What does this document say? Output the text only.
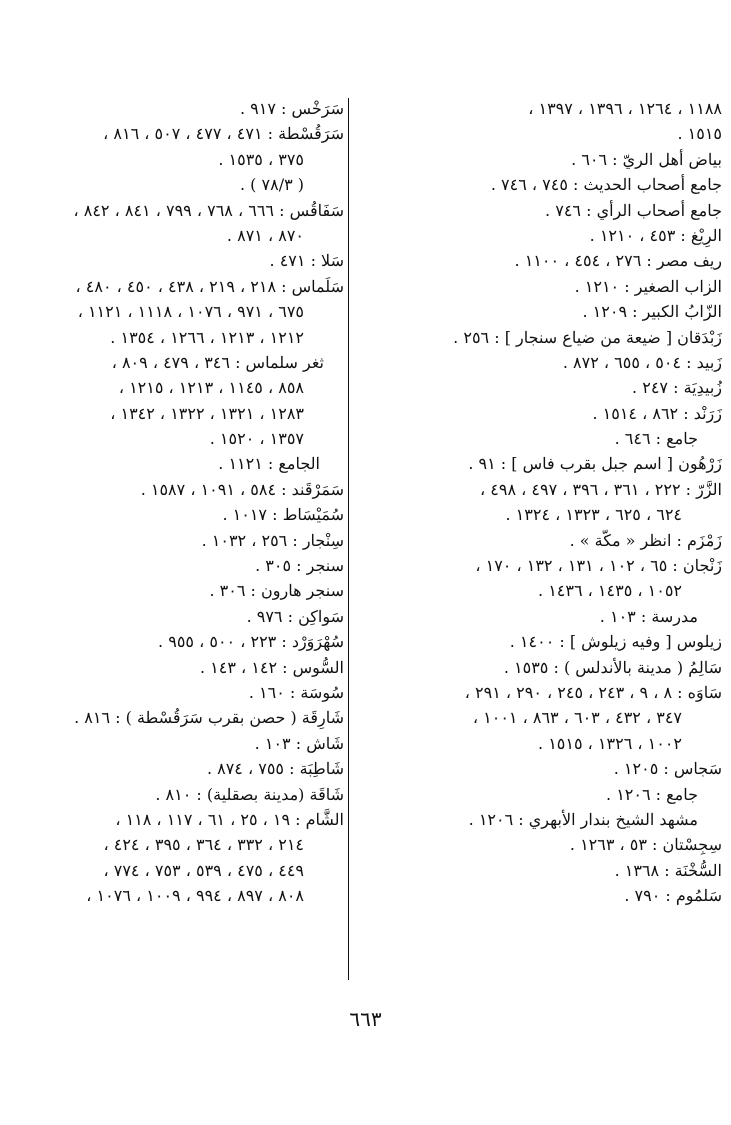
١١٨٨ ، ١٢٦٤ ، ١٣٩٦ ، ١٣٩٧ ،
١٥١٥ .
بياض أهل الريّ : ٦٠٦ .
جامع أصحاب الحديث : ٧٤٥ ، ٧٤٦ .
جامع أصحاب الرأي : ٧٤٦ .
الرِيْغ : ٤٥٣ ، ١٢١٠ .
ريف مصر : ٢٧٦ ، ٤٥٤ ، ١١٠٠ .
الزاب الصغير : ١٢١٠ .
الزّابُ الكبير : ١٢٠٩ .
زَبْدَقان [ ضيعة من ضياع سنجار ] : ٢٥٦ .
زَبيد : ٥٠٤ ، ٦٥٥ ، ٨٧٢ .
زُبيدِيَة : ٢٤٧ .
زَرَنْد : ٨٦٢ ، ١٥١٤ .
جامع : ٦٤٦ .
زَرْهُون [ اسم جبل بقرب فاس ] : ٩١ .
الزَّرّ : ٢٢٢ ، ٣٦١ ، ٣٩٦ ، ٤٩٧ ، ٤٩٨ ،
٦٢٤ ، ٦٢٥ ، ١٣٢٣ ، ١٣٢٤ .
زَمْزَم : انظر « مكّة » .
زَنْجان : ٦٥ ، ١٠٢ ، ١٣١ ، ١٣٢ ، ١٧٠ ،
١٠٥٢ ، ١٤٣٥ ، ١٤٣٦ .
مدرسة : ١٠٣ .
زيلوس [ وفيه زيلوش ] : ١٤٠٠ .
سَالِمُ ( مدينة بالأندلس ) : ١٥٣٥ .
سَاوَه : ٨ ، ٩ ، ٢٤٣ ، ٢٤٥ ، ٢٩٠ ، ٢٩١ ،
٣٤٧ ، ٤٣٢ ، ٦٠٣ ، ٨٦٣ ، ١٠٠١ ،
١٠٠٢ ، ١٣٢٦ ، ١٥١٥ .
سَجاس : ١٢٠٥ .
جامع : ١٢٠٦ .
مشهد الشيخ بندار الأبهري : ١٢٠٦ .
سِجِسْتان : ٥٣ ، ١٢٦٣ .
السُّخْنَة : ١٣٦٨ .
سَلمُوم : ٧٩٠ .
سَرَخْس : ٩١٧ .
سَرَقُسْطة : ٤٧١ ، ٤٧٧ ، ٥٠٧ ، ٨١٦ ،
٣٧٥ ، ١٥٣٥ .
( ٧٨/٣ ) .
سَفَاقُس : ٦٦٦ ، ٧٦٨ ، ٧٩٩ ، ٨٤١ ، ٨٤٢ ،
٨٧٠ ، ٨٧١ .
سَلا : ٤٧١ .
سَلَماس : ٢١٨ ، ٢١٩ ، ٤٣٨ ، ٤٥٠ ، ٤٨٠ ،
٦٧٥ ، ٩٧١ ، ١٠٧٦ ، ١١١٨ ، ١١٢١ ،
١٢١٢ ، ١٢١٣ ، ١٢٦٦ ، ١٣٥٤ .
ثغر سلماس : ٣٤٦ ، ٤٧٩ ، ٨٠٩ ،
٨٥٨ ، ١١٤٥ ، ١٢١٣ ، ١٢١٥ ،
١٢٨٣ ، ١٣٢١ ، ١٣٢٢ ، ١٣٤٢ ،
١٣٥٧ ، ١٥٢٠ .
الجامع : ١١٢١ .
سَمَرْقَند : ٥٨٤ ، ١٠٩١ ، ١٥٨٧ .
سُمَيْسَاط : ١٠١٧ .
سِنْجار : ٢٥٦ ، ١٠٣٢ .
سنجر : ٣٠٥ .
سنجر هارون : ٣٠٦ .
سَواكِن : ٩٧٦ .
سُهْرَوَرْد : ٢٢٣ ، ٥٠٠ ، ٩٥٥ .
السُّوس : ١٤٢ ، ١٤٣ .
سُوسَة : ١٦٠ .
شَارِقَة ( حصن بقرب سَرَقُسْطة ) : ٨١٦ .
شَاش : ١٠٣ .
شَاطِبَة : ٧٥٥ ، ٨٧٤ .
شَاقَة (مدينة بصقلية) : ٨١٠ .
الشَّام : ١٩ ، ٢٥ ، ٦١ ، ١١٧ ، ١١٨ ،
٢١٤ ، ٣٣٢ ، ٣٦٤ ، ٣٩٥ ، ٤٢٤ ،
٤٤٩ ، ٤٧٥ ، ٥٣٩ ، ٧٥٣ ، ٧٧٤ ،
٨٠٨ ، ٨٩٧ ، ٩٩٤ ، ١٠٠٩ ، ١٠٧٦ ،
٦٦٣
